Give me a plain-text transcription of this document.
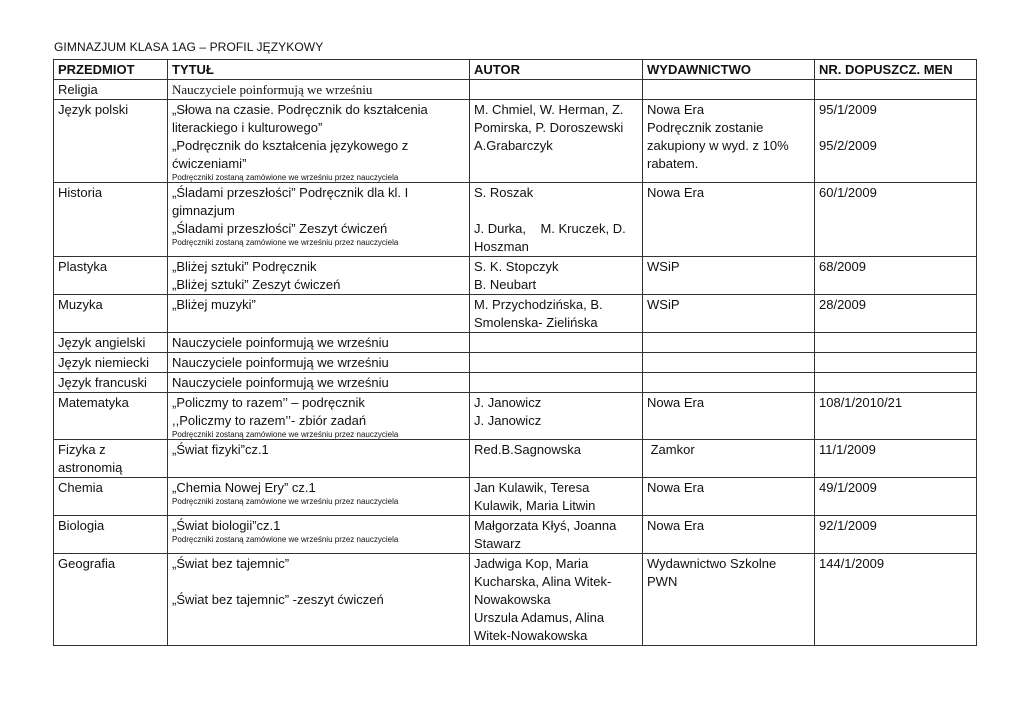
GIMNAZJUM KLASA 1AG – PROFIL JĘZYKOWY
PRZEDMIOT	TYTUŁ	AUTOR	WYDAWNICTWO	NR. DOPUSZCZ. MEN
Religia	Nauczyciele poinformują we wrześniu			
Język polski	„Słowa na czasie. Podręcznik do kształcenia
literackiego i kulturowego”
„Podręcznik do kształcenia językowego z
ćwiczeniami”
Podręczniki zostaną zamówione we wrześniu przez nauczyciela	M. Chmiel, W. Herman, Z.
Pomirska, P. Doroszewski
A.Grabarczyk	Nowa Era
Podręcznik zostanie
zakupiony w wyd. z 10%
rabatem.	95/1/2009
95/2/2009

Historia	„Śladami przeszłości” Podręcznik dla kl. I
gimnazjum
„Śladami przeszłości” Zeszyt ćwiczeń
Podręczniki zostaną zamówione we wrześniu przez nauczyciela	S. Roszak
J. Durka,    M. Kruczek, D.
Hoszman	Nowa Era	60/1/2009
Plastyka	„Bliżej sztuki” Podręcznik
„Bliżej sztuki” Zeszyt ćwiczeń	S. K. Stopczyk
B. Neubart	WSiP	68/2009
Muzyka	„Bliżej muzyki”	M. Przychodzińska, B.
Smolenska- Zielińska	WSiP	28/2009
Język angielski	Nauczyciele poinformują we wrześniu			
Język niemiecki	Nauczyciele poinformują we wrześniu			
Język francuski	Nauczyciele poinformują we wrześniu			
Matematyka	„Policzmy to razem’’ – podręcznik
,,Policzmy to razem’’- zbiór zadań
Podręczniki zostaną zamówione we wrześniu przez nauczyciela	J. Janowicz
J. Janowicz	Nowa Era	108/1/2010/21

Fizyka z
astronomią	„Świat fizyki”cz.1	Red.B.Sagnowska	Zamkor	11/1/2009
Chemia	„Chemia Nowej Ery” cz.1
Podręczniki zostaną zamówione we wrześniu przez nauczyciela	Jan Kulawik, Teresa
Kulawik, Maria Litwin	Nowa Era	49/1/2009
Biologia	„Świat biologii”cz.1
Podręczniki zostaną zamówione we wrześniu przez nauczyciela	Małgorzata Kłyś, Joanna
Stawarz	Nowa Era	92/1/2009
Geografia	„Świat bez tajemnic”
„Świat bez tajemnic” -zeszyt ćwiczeń	Jadwiga Kop, Maria
Kucharska, Alina Witek-
Nowakowska
Urszula Adamus, Alina
Witek-Nowakowska	Wydawnictwo Szkolne
PWN	144/1/2009
